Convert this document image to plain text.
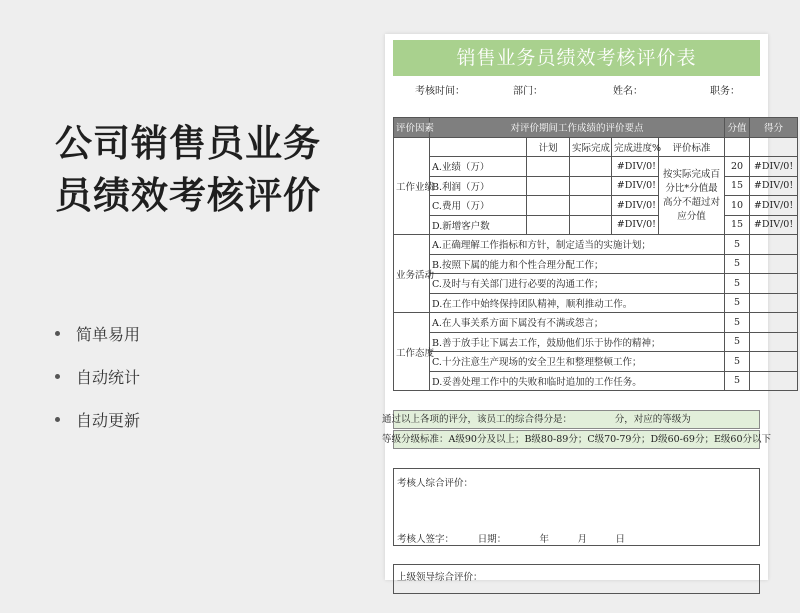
公司销售员业务
员绩效考核评价
简单易用
自动统计
自动更新
销售业务员绩效考核评价表
考核时间：	部门：	姓名：	职务：
评价因素	对评价期间工作成绩的评价要点					分值	得分
工作业绩		计划	实际完成	完成进度%	评价标准		
	A.业绩（万）			#DIV/0!	按实际完成百分比*分值最高分不超过对应分值	20	#DIV/0!
	B.利润（万）			#DIV/0!		15	#DIV/0!
	C.费用（万）			#DIV/0!		10	#DIV/0!
	D.新增客户数			#DIV/0!		15	#DIV/0!
业务活动	A.正确理解工作指标和方针，制定适当的实施计划；					5	
	B.按照下属的能力和个性合理分配工作；					5	
	C.及时与有关部门进行必要的沟通工作；					5	
	D.在工作中始终保持团队精神，顺利推动工作。					5	
工作态度	A.在人事关系方面下属没有不满或怨言；					5	
	B.善于放手让下属去工作，鼓励他们乐于协作的精神；					5	
	C.十分注意生产现场的安全卫生和整理整顿工作；					5	
	D.妥善处理工作中的失败和临时追加的工作任务。					5	
通过以上各项的评分，该员工的综合得分是：　　　　　分，对应的等级为
等级分级标准：A级90分及以上；B级80-89分；C级70-79分；D级60-69分；E级60分以下
考核人综合评价：
考核人签字：　　　日期：　　　　年　　　月　　　日
上级领导综合评价：
